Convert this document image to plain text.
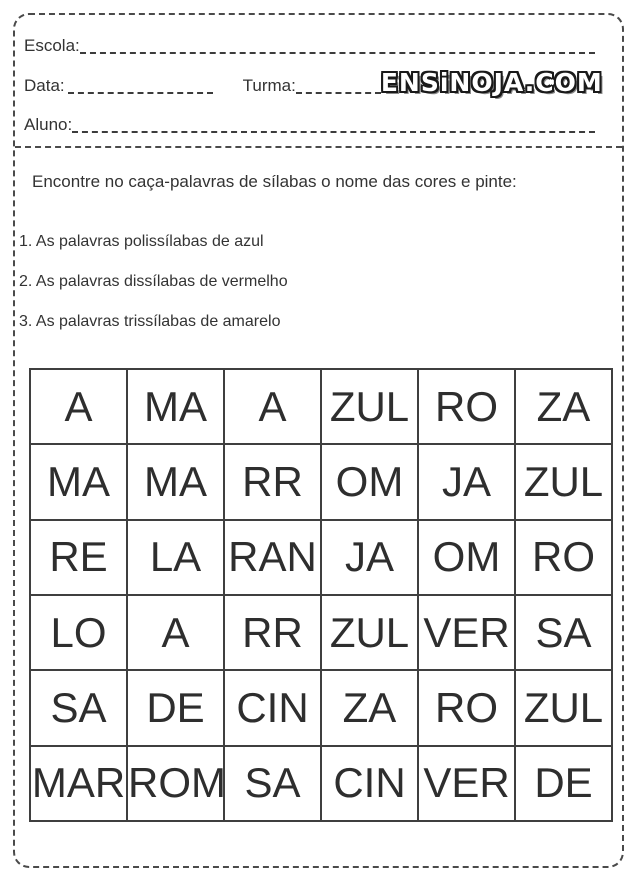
Escola:
Data:	Turma:	ENSiNOJA.COM
Aluno:

Encontre no caça-palavras de sílabas o nome das cores e pinte:

1. As palavras polissílabas de azul

2. As palavras dissílabas de vermelho

3. As palavras trissílabas de amarelo

A	MA	A	ZUL	RO	ZA
MA	MA	RR	OM	JA	ZUL
RE	LA	RAN	JA	OM	RO
LO	A	RR	ZUL	VER	SA
SA	DE	CIN	ZA	RO	ZUL
MAR	ROM	SA	CIN	VER	DE
